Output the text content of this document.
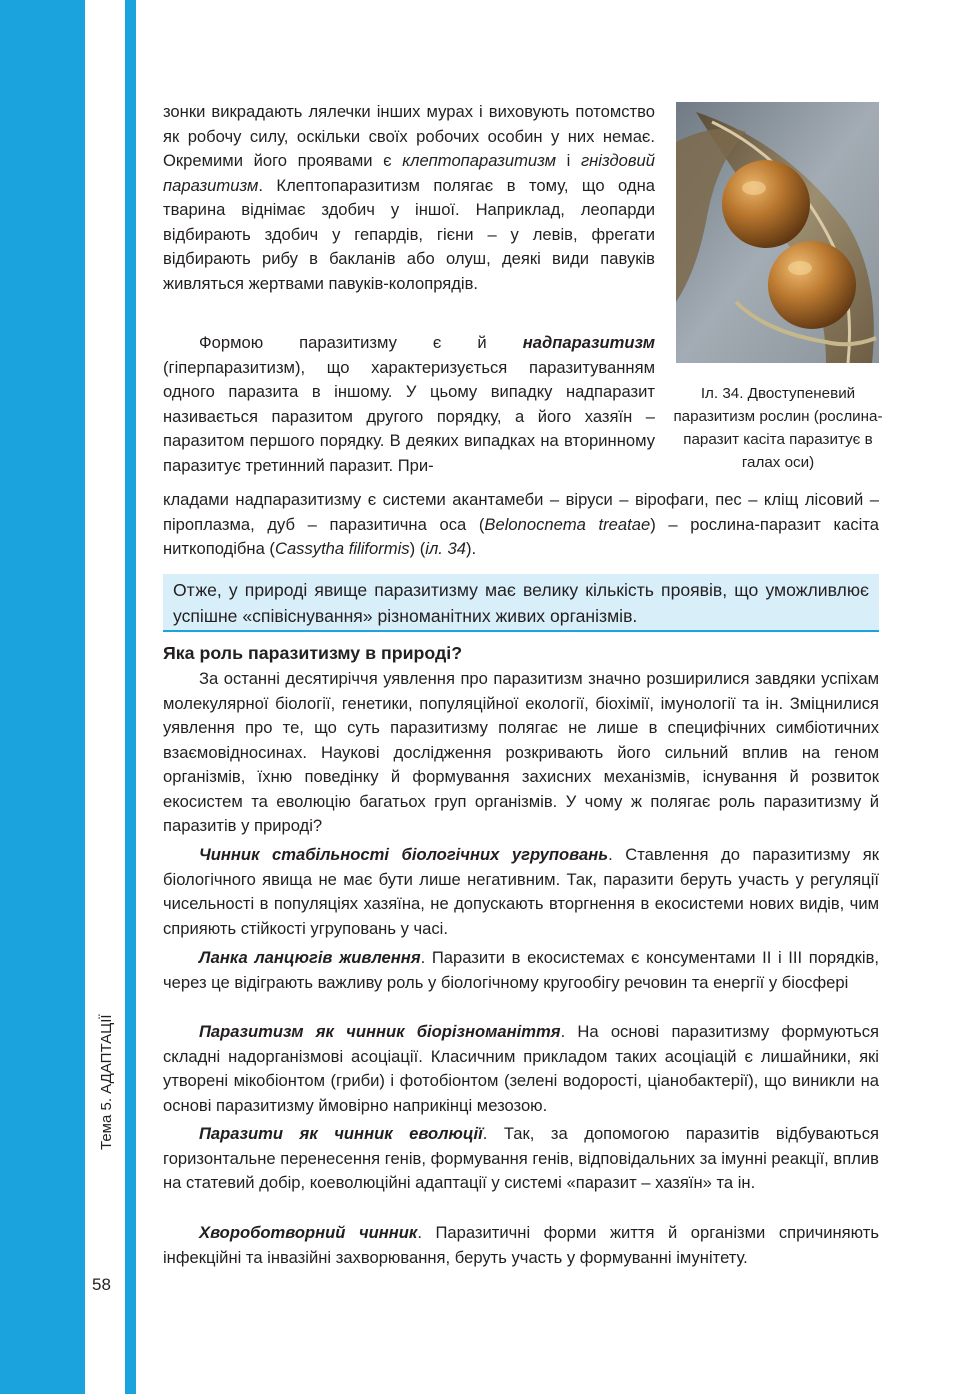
Тема 5. АДАПТАЦІЇ
58

зонки викрадають лялечки інших мурах і виховують потомство як робочу силу, оскільки своїх робочих особин у них немає. Окремими його проявами є клептопаразитизм і гніздовий паразитизм. Клептопаразитизм полягає в тому, що одна тварина віднімає здобич у іншої. Наприклад, леопарди відбирають здобич у гепардів, гієни – у левів, фрегати відбирають рибу в бакланів або олуш, деякі види павуків живляться жертвами павуків-колопрядів.

Формою паразитизму є й надпаразитизм (гіперпаразитизм), що характеризується паразитуванням одного паразита в іншому. У цьому випадку надпаразит називається паразитом другого порядку, а його хазяїн – паразитом першого порядку. В деяких випадках на вторинному паразитує третинний паразит. При-

кладами надпаразитизму є системи акантамеби – віруси – вірофаги, пес – кліщ лісовий – піроплазма, дуб – паразитична оса (Belonocnema treatae) – рослина-паразит касіта ниткоподібна (Cassytha filiformis) (іл. 34).

Іл. 34. Двоступеневий паразитизм рослин (рослина-паразит касіта паразитує в галах оси)

Отже, у природі явище паразитизму має велику кількість проявів, що уможливлює успішне «співіснування» різноманітних живих організмів.
Яка роль паразитизму в природі?

За останні десятиріччя уявлення про паразитизм значно розширилися завдяки успіхам молекулярної біології, генетики, популяційної екології, біохімії, імунології та ін. Зміцнилися уявлення про те, що суть паразитизму полягає не лише в специфічних симбіотичних взаємовідносинах. Наукові дослідження розкривають його сильний вплив на геном організмів, їхню поведінку й формування захисних механізмів, існування й розвиток екосистем та еволюцію багатьох груп організмів. У чому ж полягає роль паразитизму й паразитів у природі?

Чинник стабільності біологічних угруповань. Ставлення до паразитизму як біологічного явища не має бути лише негативним. Так, паразити беруть участь у регуляції чисельності в популяціях хазяїна, не допускають вторгнення в екосистеми нових видів, чим сприяють стійкості угруповань у часі.

Ланка ланцюгів живлення. Паразити в екосистемах є консументами ІІ і ІІІ порядків, через це відіграють важливу роль у біологічному кругообігу речовин та енергії у біосфері

Паразитизм як чинник біорізноманіття. На основі паразитизму формуються складні надорганізмові асоціації. Класичним прикладом таких асоціацій є лишайники, які утворені мікобіонтом (гриби) і фотобіонтом (зелені водорості, ціанобактерії), що виникли на основі паразитизму ймовірно наприкінці мезозою.

Паразити як чинник еволюції. Так, за допомогою паразитів відбуваються горизонтальне перенесення генів, формування генів, відповідальних за імунні реакції, вплив на статевий добір, коеволюційні адаптації у системі «паразит – хазяїн» та ін.

Хвороботворний чинник. Паразитичні форми життя й організми спричиняють інфекційні та інвазійні захворювання, беруть участь у формуванні імунітету.
